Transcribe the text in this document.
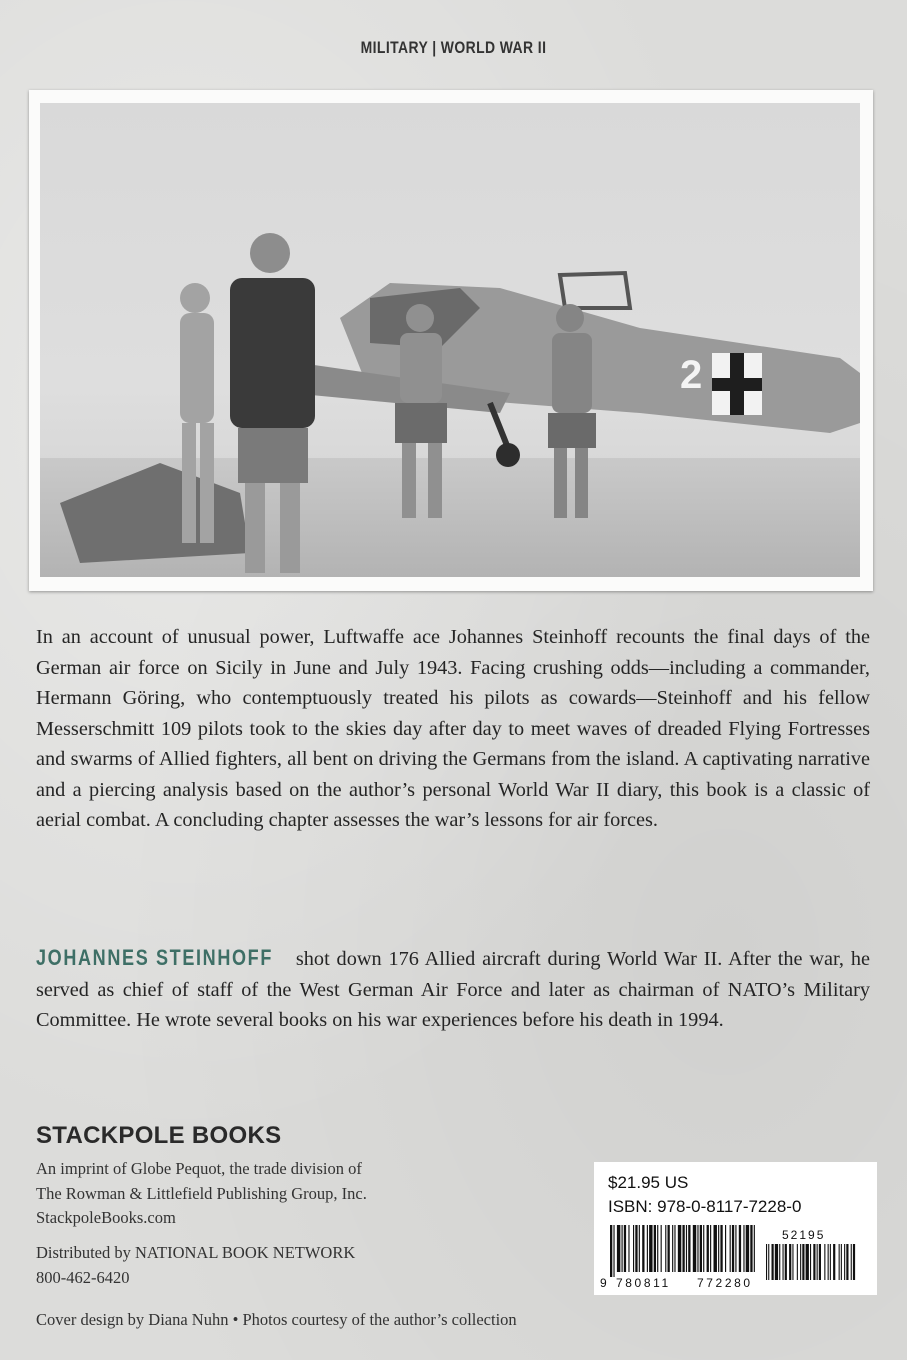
MILITARY | WORLD WAR II
2
In an account of unusual power, Luftwaffe ace Johannes Steinhoff recounts the final days of the German air force on Sicily in June and July 1943. Facing crushing odds—including a commander, Hermann Göring, who contemptuously treated his pilots as cowards—Steinhoff and his fellow Messerschmitt 109 pilots took to the skies day after day to meet waves of dreaded Flying Fortresses and swarms of Allied fighters, all bent on driving the Germans from the island. A captivating narrative and a piercing analysis based on the author’s personal World War II diary, this book is a classic of aerial combat. A concluding chapter assesses the war’s lessons for air forces.
JOHANNES STEINHOFF shot down 176 Allied aircraft during World War II. After the war, he served as chief of staff of the West German Air Force and later as chairman of NATO’s Military Committee. He wrote several books on his war experiences before his death in 1994.
STACKPOLE BOOKS
An imprint of Globe Pequot, the trade division of
The Rowman & Littlefield Publishing Group, Inc.
StackpoleBooks.com
Distributed by NATIONAL BOOK NETWORK
800-462-6420
Cover design by Diana Nuhn • Photos courtesy of the author’s collection
$21.95 US
ISBN: 978-0-8117-7228-0
52195
9 780811 772280
